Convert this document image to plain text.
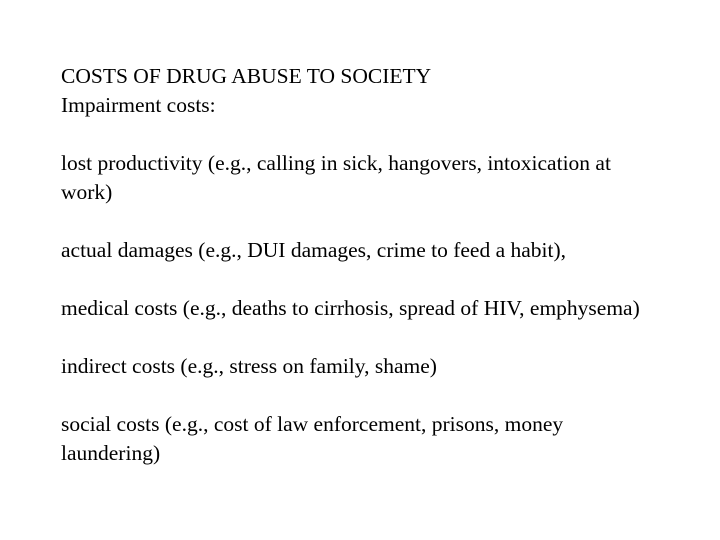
COSTS OF DRUG ABUSE TO SOCIETY

Impairment costs:

lost productivity (e.g., calling in sick, hangovers, intoxication at work)

actual damages (e.g., DUI damages, crime to feed a habit),

medical costs (e.g., deaths to cirrhosis, spread of HIV, emphysema)

indirect costs (e.g., stress on family, shame)

social costs (e.g., cost of law enforcement, prisons, money laundering)
